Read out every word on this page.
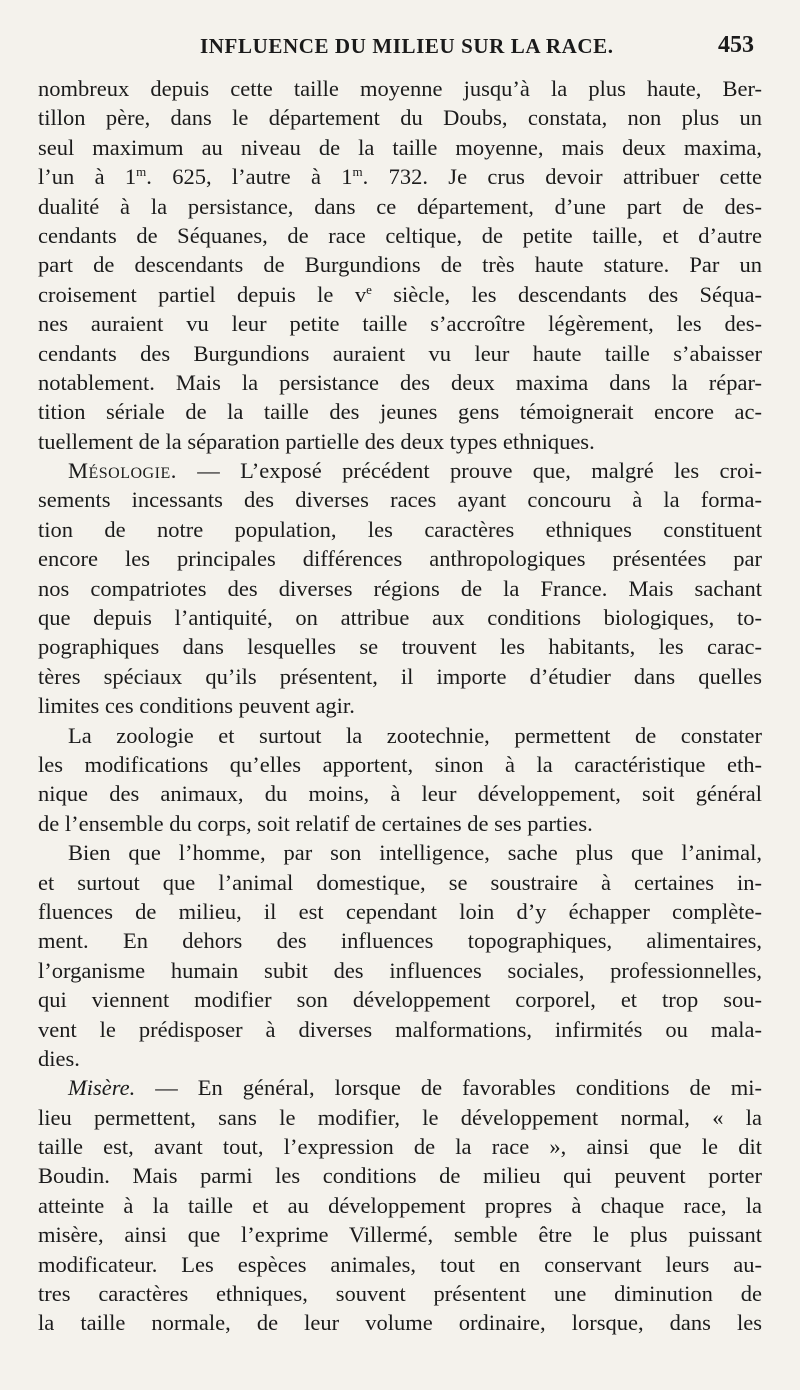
INFLUENCE DU MILIEU SUR LA RACE.	453
nombreux depuis cette taille moyenne jusqu’à la plus haute, Ber-
tillon père, dans le département du Doubs, constata, non plus un
seul maximum au niveau de la taille moyenne, mais deux maxima,
l’un à 1$^m$. 625, l’autre à 1$^m$. 732. Je crus devoir attribuer cette
dualité à la persistance, dans ce département, d’une part de des-
cendants de Séquanes, de race celtique, de petite taille, et d’autre
part de descendants de Burgundions de très haute stature. Par un
croisement partiel depuis le $v^e$ siècle, les descendants des Séqua-
nes auraient vu leur petite taille s’accroître légèrement, les des-
cendants des Burgundions auraient vu leur haute taille s’abaisser
notablement. Mais la persistance des deux maxima dans la répar-
tition sériale de la taille des jeunes gens témoignerait encore ac-
tuellement de la séparation partielle des deux types ethniques.
Mésologie. — L’exposé précédent prouve que, malgré les croi-
sements incessants des diverses races ayant concouru à la forma-
tion de notre population, les caractères ethniques constituent
encore les principales différences anthropologiques présentées par
nos compatriotes des diverses régions de la France. Mais sachant
que depuis l’antiquité, on attribue aux conditions biologiques, to-
pographiques dans lesquelles se trouvent les habitants, les carac-
tères spéciaux qu’ils présentent, il importe d’étudier dans quelles
limites ces conditions peuvent agir.
La zoologie et surtout la zootechnie, permettent de constater
les modifications qu’elles apportent, sinon à la caractéristique eth-
nique des animaux, du moins, à leur développement, soit général
de l’ensemble du corps, soit relatif de certaines de ses parties.
Bien que l’homme, par son intelligence, sache plus que l’animal,
et surtout que l’animal domestique, se soustraire à certaines in-
fluences de milieu, il est cependant loin d’y échapper complète-
ment. En dehors des influences topographiques, alimentaires,
l’organisme humain subit des influences sociales, professionnelles,
qui viennent modifier son développement corporel, et trop sou-
vent le prédisposer à diverses malformations, infirmités ou mala-
dies.
Misère. — En général, lorsque de favorables conditions de mi-
lieu permettent, sans le modifier, le développement normal, « la
taille est, avant tout, l’expression de la race », ainsi que le dit
Boudin. Mais parmi les conditions de milieu qui peuvent porter
atteinte à la taille et au développement propres à chaque race, la
misère, ainsi que l’exprime Villermé, semble être le plus puissant
modificateur. Les espèces animales, tout en conservant leurs au-
tres caractères ethniques, souvent présentent une diminution de
la taille normale, de leur volume ordinaire, lorsque, dans les
